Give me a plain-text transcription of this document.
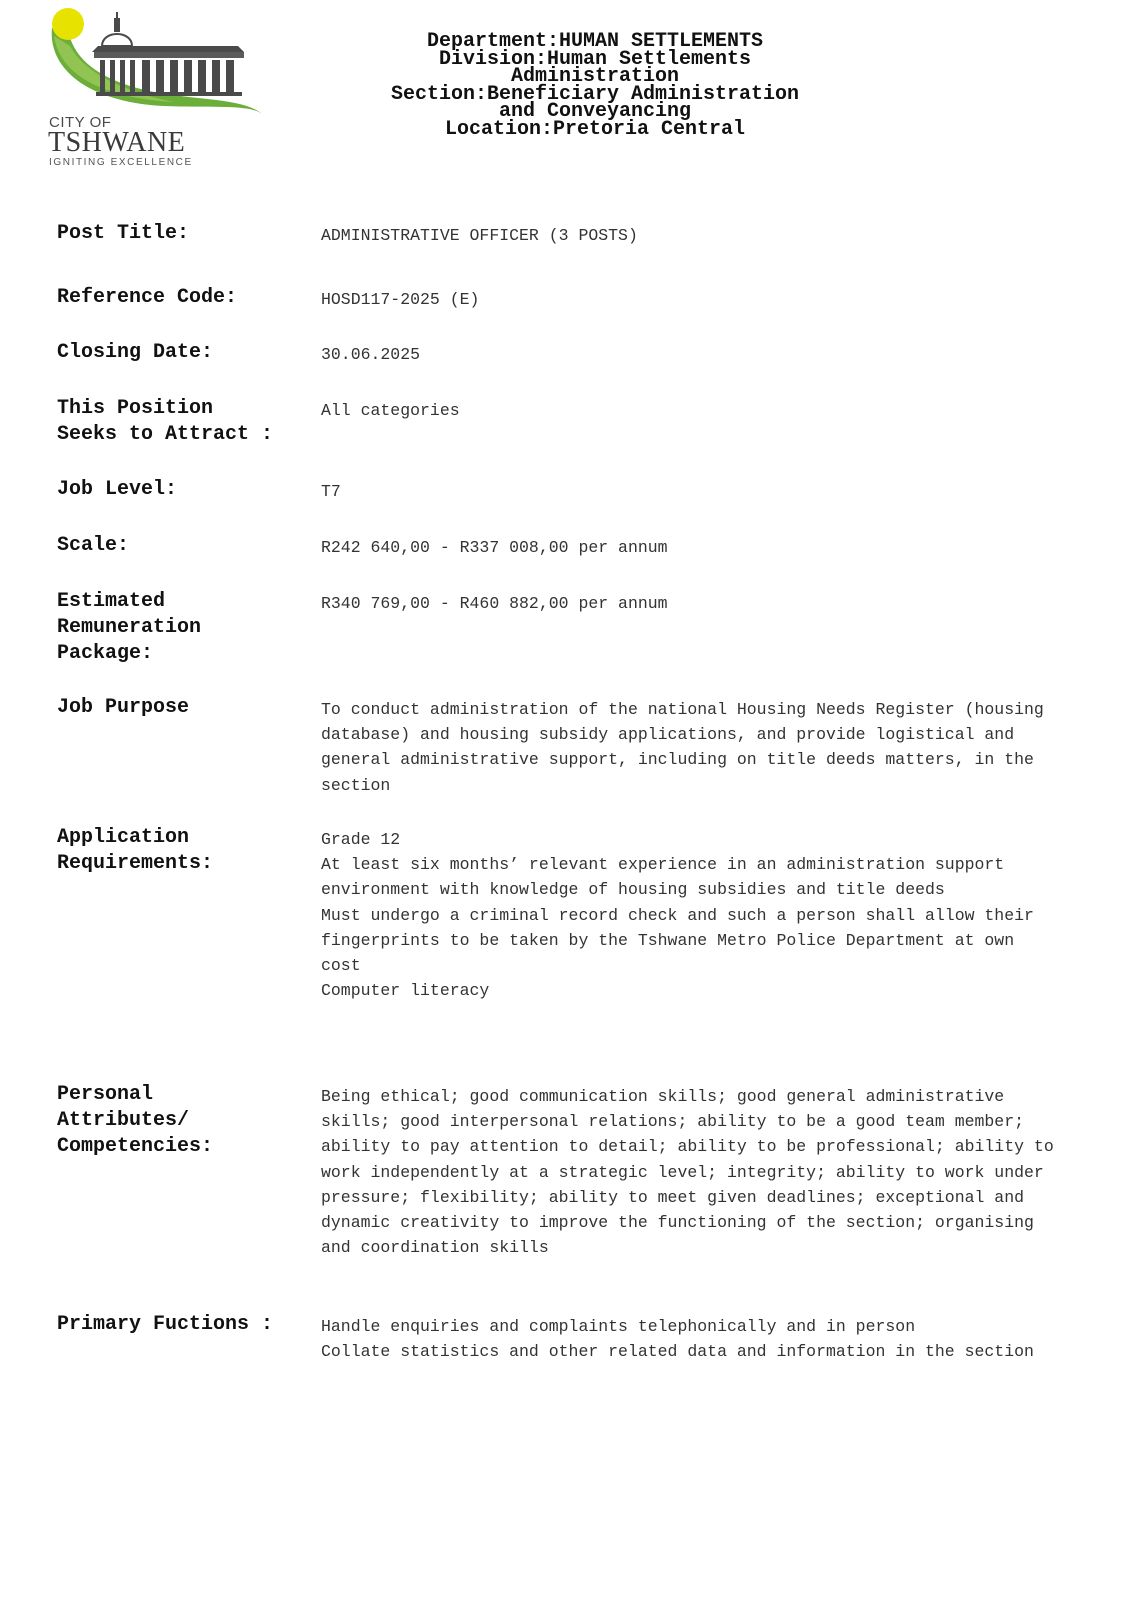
CITY OF
TSHWANE
IGNITING EXCELLENCE
Department:HUMAN SETTLEMENTS
Division:Human Settlements
Administration
Section:Beneficiary Administration
and Conveyancing
Location:Pretoria Central
Post Title:	ADMINISTRATIVE OFFICER (3 POSTS)
Reference Code:	HOSD117-2025 (E)
Closing Date:	30.06.2025
This Position
Seeks to Attract :
All categories
Job Level:	T7
Scale:	R242 640,00 - R337 008,00 per annum
Estimated
Remuneration
Package:
R340 769,00 - R460 882,00 per annum
Job Purpose	To conduct administration of the national Housing Needs Register (housing database) and housing subsidy applications, and provide logistical and general administrative support, including on title deeds matters, in the section
Application
Requirements:
Grade 12
At least six months’ relevant experience in an administration support environment with knowledge of housing subsidies and title deeds
Must undergo a criminal record check and such a person shall allow their fingerprints to be taken by the Tshwane Metro Police Department at own cost
Computer literacy
Personal
Attributes/
Competencies:
Being ethical; good communication skills; good general administrative skills; good interpersonal relations; ability to be a good team member; ability to pay attention to detail; ability to be professional; ability to work independently at a strategic level; integrity; ability to work under pressure; flexibility; ability to meet given deadlines; exceptional and dynamic creativity to improve the functioning of the section; organising and coordination skills
Primary Fuctions :	Handle enquiries and complaints telephonically and in person
Collate statistics and other related data and information in the section
